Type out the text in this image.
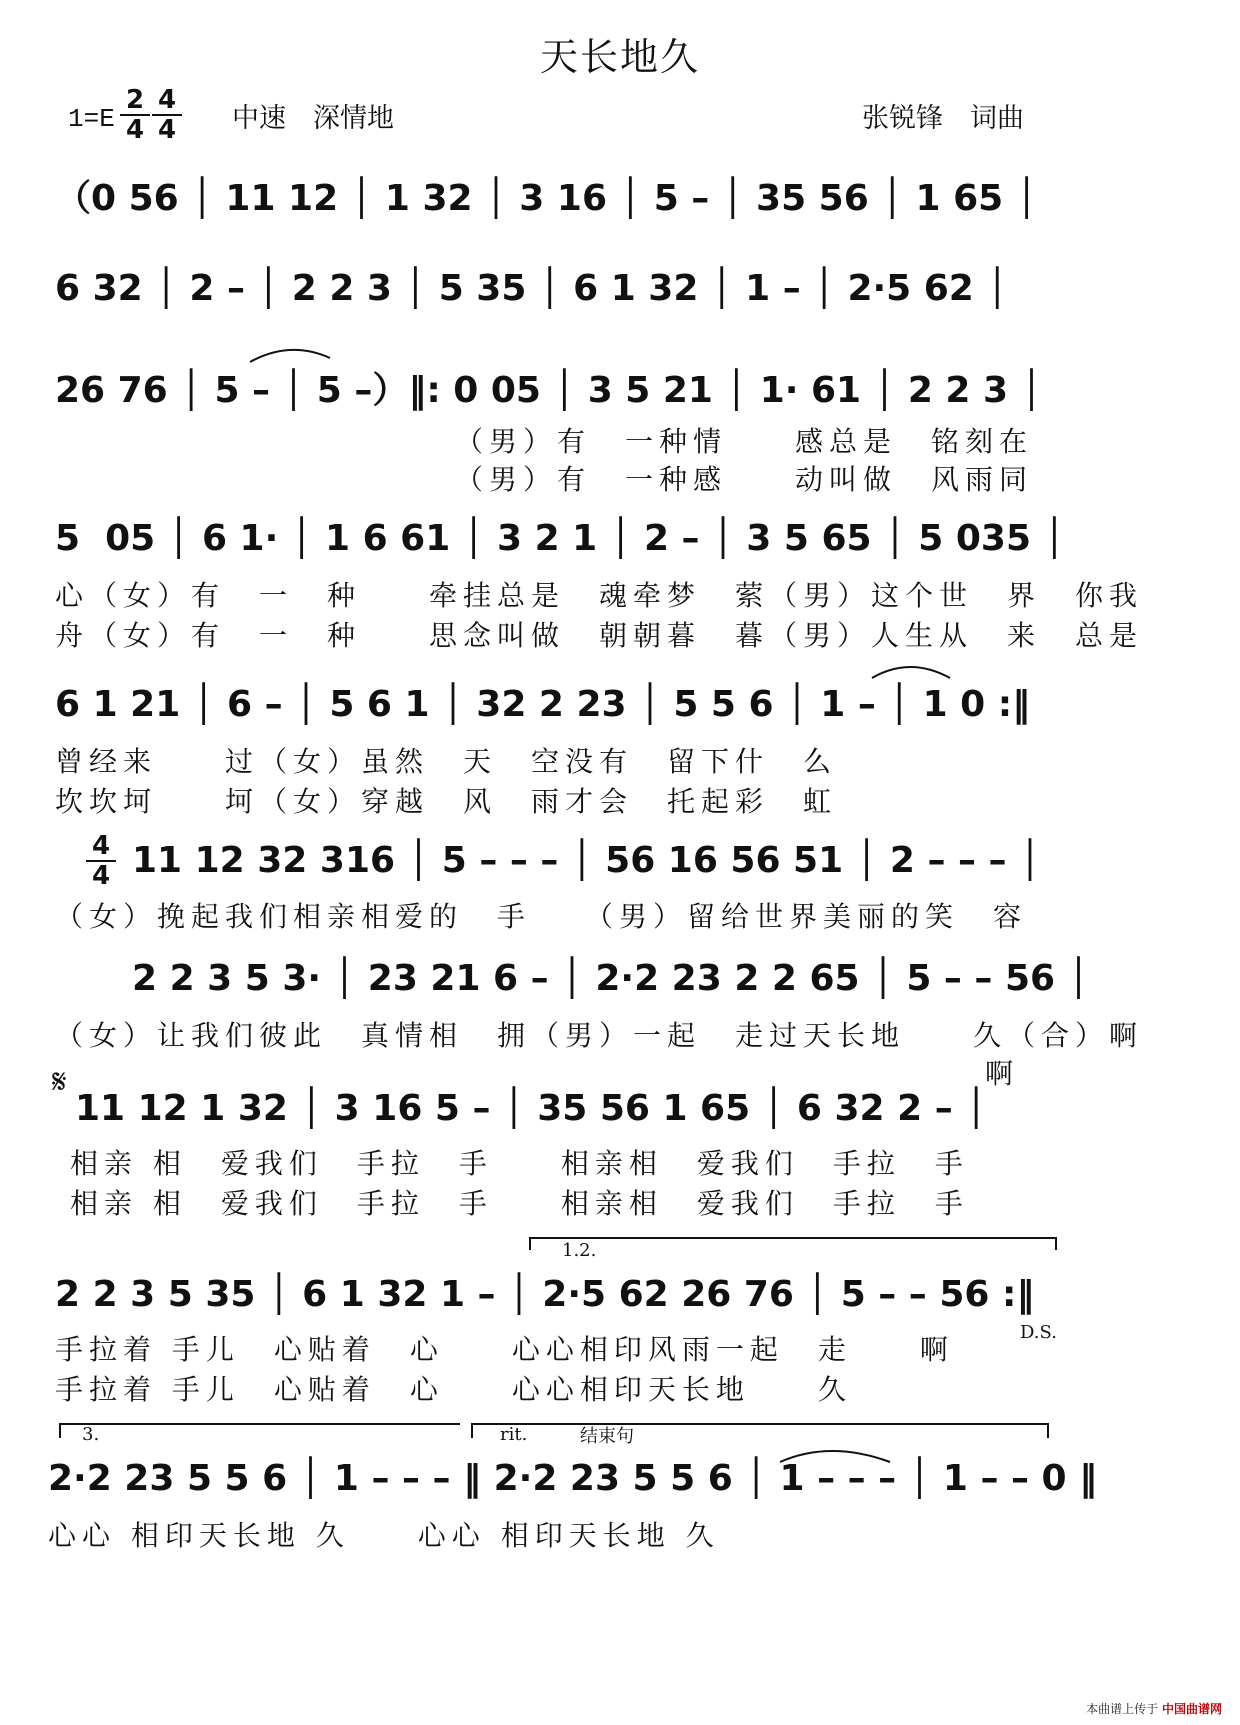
天长地久
1=E
2
4
4
4 中速　深情地	张锐锋　词曲
（0 56 │ 11 12 │ 1 32 │ 3 16 │ 5 – │ 35 56 │ 1 65 │
6 32 │ 2 – │ 2 2 3 │ 5 35 │ 6 1 32 │ 1 – │ 2·5 62 │
26 76 │ 5 – │ 5 –）‖: 0 05 │ 3 5 21 │ 1· 61 │ 2 2 3 │
（男）有　一种情　　感总是　铭刻在
（男）有　一种感　　动叫做　风雨同
5  05 │ 6 1· │ 1 6 61 │ 3 2 1 │ 2 – │ 3 5 65 │ 5 035 │
心（女）有　一　种　　牵挂总是　魂牵梦　萦（男）这个世　界　你我
舟（女）有　一　种　　思念叫做　朝朝暮　暮（男）人生从　来　总是
6 1 21 │ 6 – │ 5 6 1 │ 32 2 23 │ 5 5 6 │ 1 – │ 1 0 :‖
曾经来　　过（女）虽然　天　空没有　留下什　么
坎坎坷　　坷（女）穿越　风　雨才会　托起彩　虹
4
4 11 12 32 316 │ 5 – – – │ 56 16 56 51 │ 2 – – – │
（女）挽起我们相亲相爱的　手　　（男）留给世界美丽的笑　容
2 2 3 5 3· │ 23 21 6 – │ 2·2 23 2 2 65 │ 5 – – 56 │
（女）让我们彼此　真情相　拥（男）一起　走过天长地　　久（合）啊
啊
𝄋
11 12 1 32 │ 3 16 5 – │ 35 56 1 65 │ 6 32 2 – │
相亲 相　爱我们　手拉　手　　相亲相　爱我们　手拉　手
相亲 相　爱我们　手拉　手　　相亲相　爱我们　手拉　手
1.2.
2 2 3 5 35 │ 6 1 32 1 – │ 2·5 62 26 76 │ 5 – – 56 :‖
D.S.
手拉着 手儿　心贴着　心　　心心相印风雨一起　走　　啊
手拉着 手儿　心贴着　心　　心心相印天长地　　久
3.	rit.	结束句
2·2 23 5 5 6 │ 1 – – – ‖ 2·2 23 5 5 6 │ 1 – – – │ 1 – – 0 ‖
心心 相印天长地 久　　心心 相印天长地 久
本曲谱上传于 中国曲谱网
